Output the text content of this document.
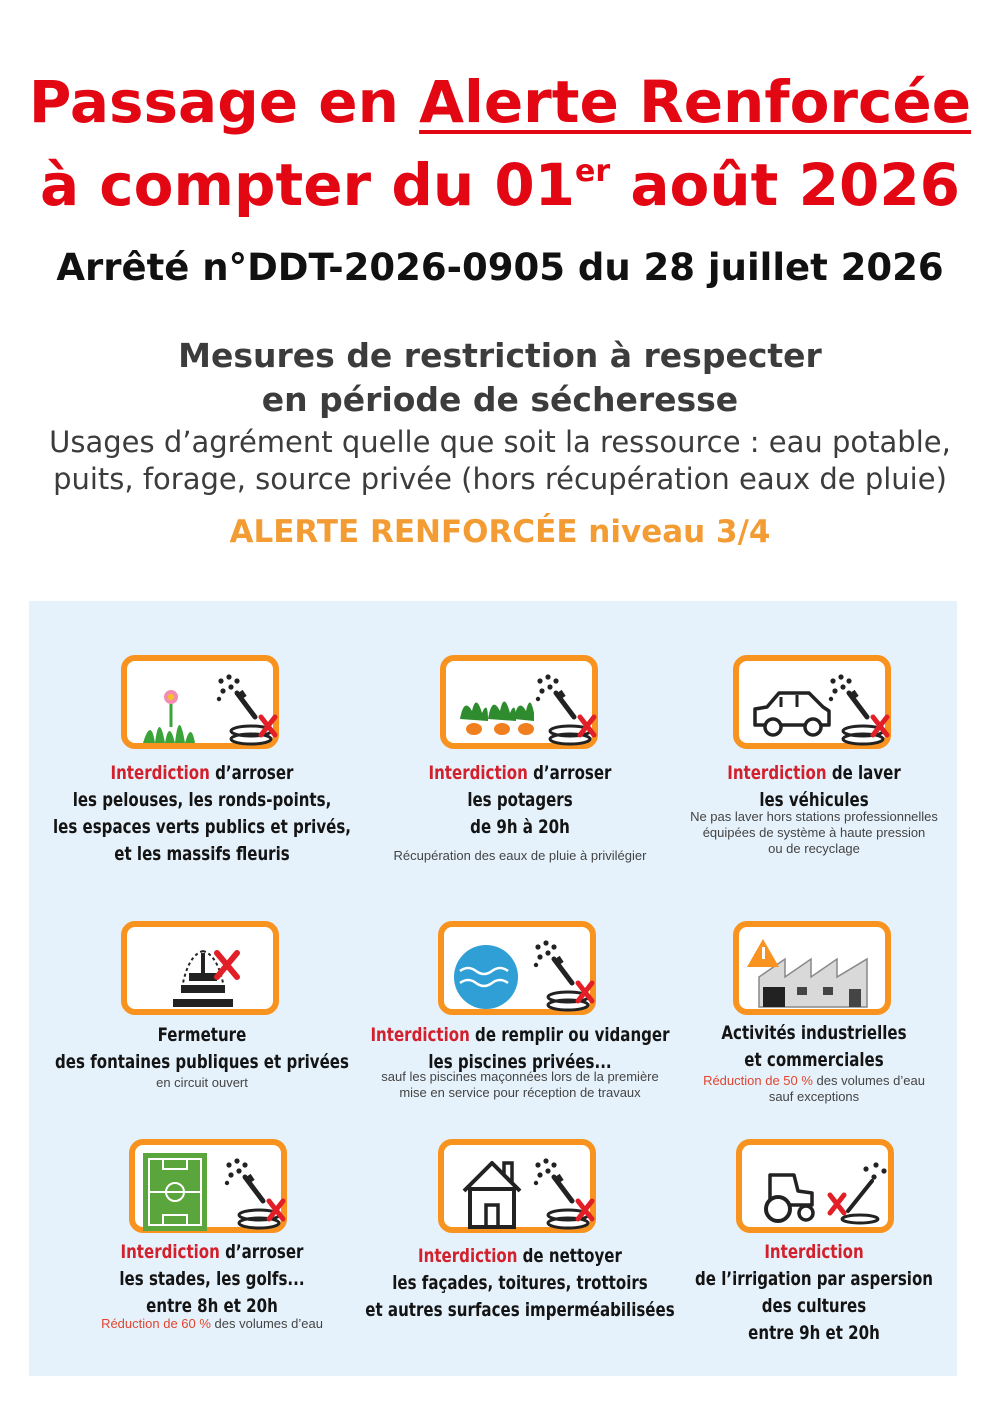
Passage en Alerte Renforcée
à compter du 01er août 2026
Arrêté n°DDT-2026-0905 du 28 juillet 2026
Mesures de restriction à respecter
en période de sécheresse
Usages d’agrément quelle que soit la ressource : eau potable,
puits, forage, source privée (hors récupération eaux de pluie)
ALERTE RENFORCÉE niveau 3/4
Interdiction d’arroser
les pelouses, les ronds-points,
les espaces verts publics et privés,
et les massifs fleuris
Interdiction d’arroser
les potagers
de 9h à 20h
Récupération des eaux de pluie à privilégier
Interdiction de laver
les véhicules
Ne pas laver hors stations professionnelles
équipées de système à haute pression
ou de recyclage
Fermeture
des fontaines publiques et privées
en circuit ouvert
Interdiction de remplir ou vidanger
les piscines privées...
sauf les piscines maçonnées lors de la première
mise en service pour réception de travaux
Activités industrielles
et commerciales
Réduction de 50 % des volumes d’eau
sauf exceptions
Interdiction d’arroser
les stades, les golfs...
entre 8h et 20h
Réduction de 60 % des volumes d’eau
Interdiction de nettoyer
les façades, toitures, trottoirs
et autres surfaces imperméabilisées
Interdiction
de l’irrigation par aspersion
des cultures
entre 9h et 20h
